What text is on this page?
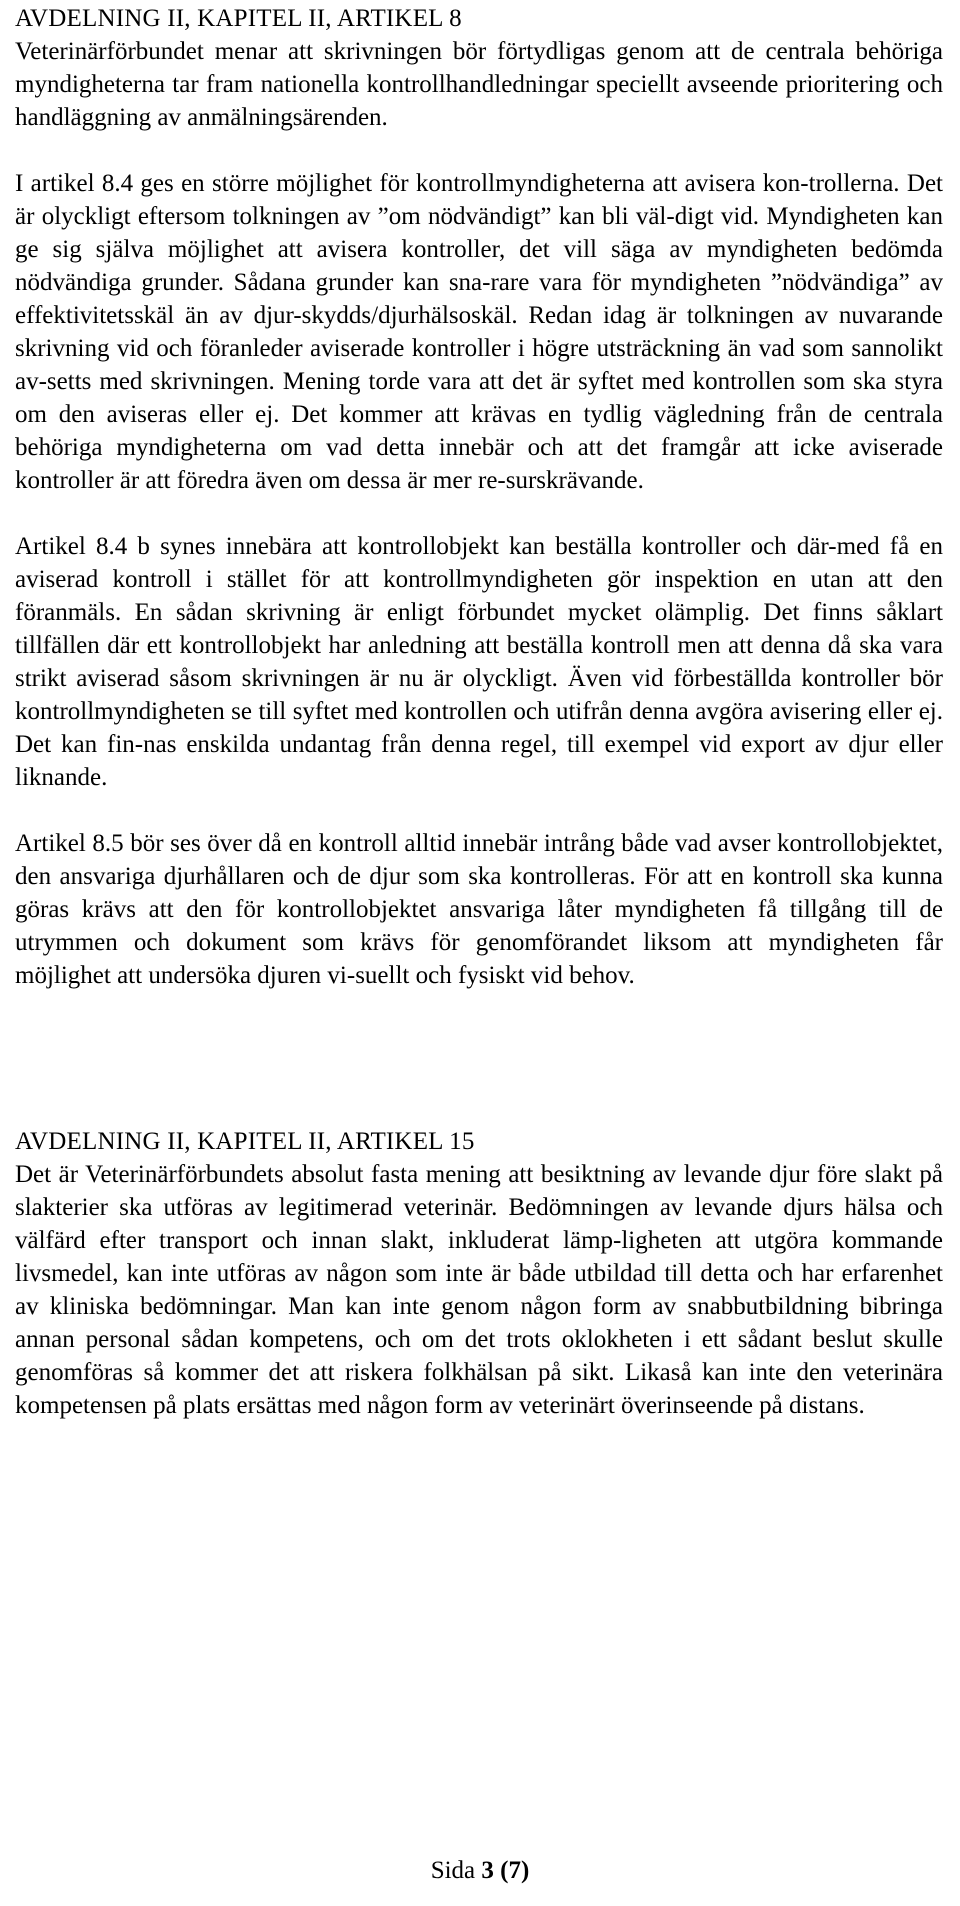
AVDELNING II, KAPITEL II, ARTIKEL 8

Veterinärförbundet menar att skrivningen bör förtydligas genom att de centrala behöriga myndigheterna tar fram nationella kontrollhandledningar speciellt avseende prioritering och handläggning av anmälningsärenden.

I artikel 8.4 ges en större möjlighet för kontrollmyndigheterna att avisera kon-trollerna. Det är olyckligt eftersom tolkningen av ”om nödvändigt” kan bli väl-digt vid. Myndigheten kan ge sig själva möjlighet att avisera kontroller, det vill säga av myndigheten bedömda nödvändiga grunder. Sådana grunder kan sna-rare vara för myndigheten ”nödvändiga” av effektivitetsskäl än av djur-skydds/djurhälsoskäl. Redan idag är tolkningen av nuvarande skrivning vid och föranleder aviserade kontroller i högre utsträckning än vad som sannolikt av-setts med skrivningen. Mening torde vara att det är syftet med kontrollen som ska styra om den aviseras eller ej. Det kommer att krävas en tydlig vägledning från de centrala behöriga myndigheterna om vad detta innebär och att det framgår att icke aviserade kontroller är att föredra även om dessa är mer re-surskrävande.

Artikel 8.4 b synes innebära att kontrollobjekt kan beställa kontroller och där-med få en aviserad kontroll i stället för att kontrollmyndigheten gör inspektion en utan att den föranmäls. En sådan skrivning är enligt förbundet mycket olämplig. Det finns såklart tillfällen där ett kontrollobjekt har anledning att beställa kontroll men att denna då ska vara strikt aviserad såsom skrivningen är nu är olyckligt. Även vid förbeställda kontroller bör kontrollmyndigheten se till syftet med kontrollen och utifrån denna avgöra avisering eller ej. Det kan fin-nas enskilda undantag från denna regel, till exempel vid export av djur eller liknande.

Artikel 8.5 bör ses över då en kontroll alltid innebär intrång både vad avser kontrollobjektet, den ansvariga djurhållaren och de djur som ska kontrolleras. För att en kontroll ska kunna göras krävs att den för kontrollobjektet ansvariga låter myndigheten få tillgång till de utrymmen och dokument som krävs för genomförandet liksom att myndigheten får möjlighet att undersöka djuren vi-suellt och fysiskt vid behov.

AVDELNING II, KAPITEL II, ARTIKEL 15

Det är Veterinärförbundets absolut fasta mening att besiktning av levande djur före slakt på slakterier ska utföras av legitimerad veterinär. Bedömningen av levande djurs hälsa och välfärd efter transport och innan slakt, inkluderat lämp-ligheten att utgöra kommande livsmedel, kan inte utföras av någon som inte är både utbildad till detta och har erfarenhet av kliniska bedömningar. Man kan inte genom någon form av snabbutbildning bibringa annan personal sådan kompetens, och om det trots oklokheten i ett sådant beslut skulle genomföras så kommer det att riskera folkhälsan på sikt. Likaså kan inte den veterinära kompetensen på plats ersättas med någon form av veterinärt överinseende på distans.

Sida 3 (7)
